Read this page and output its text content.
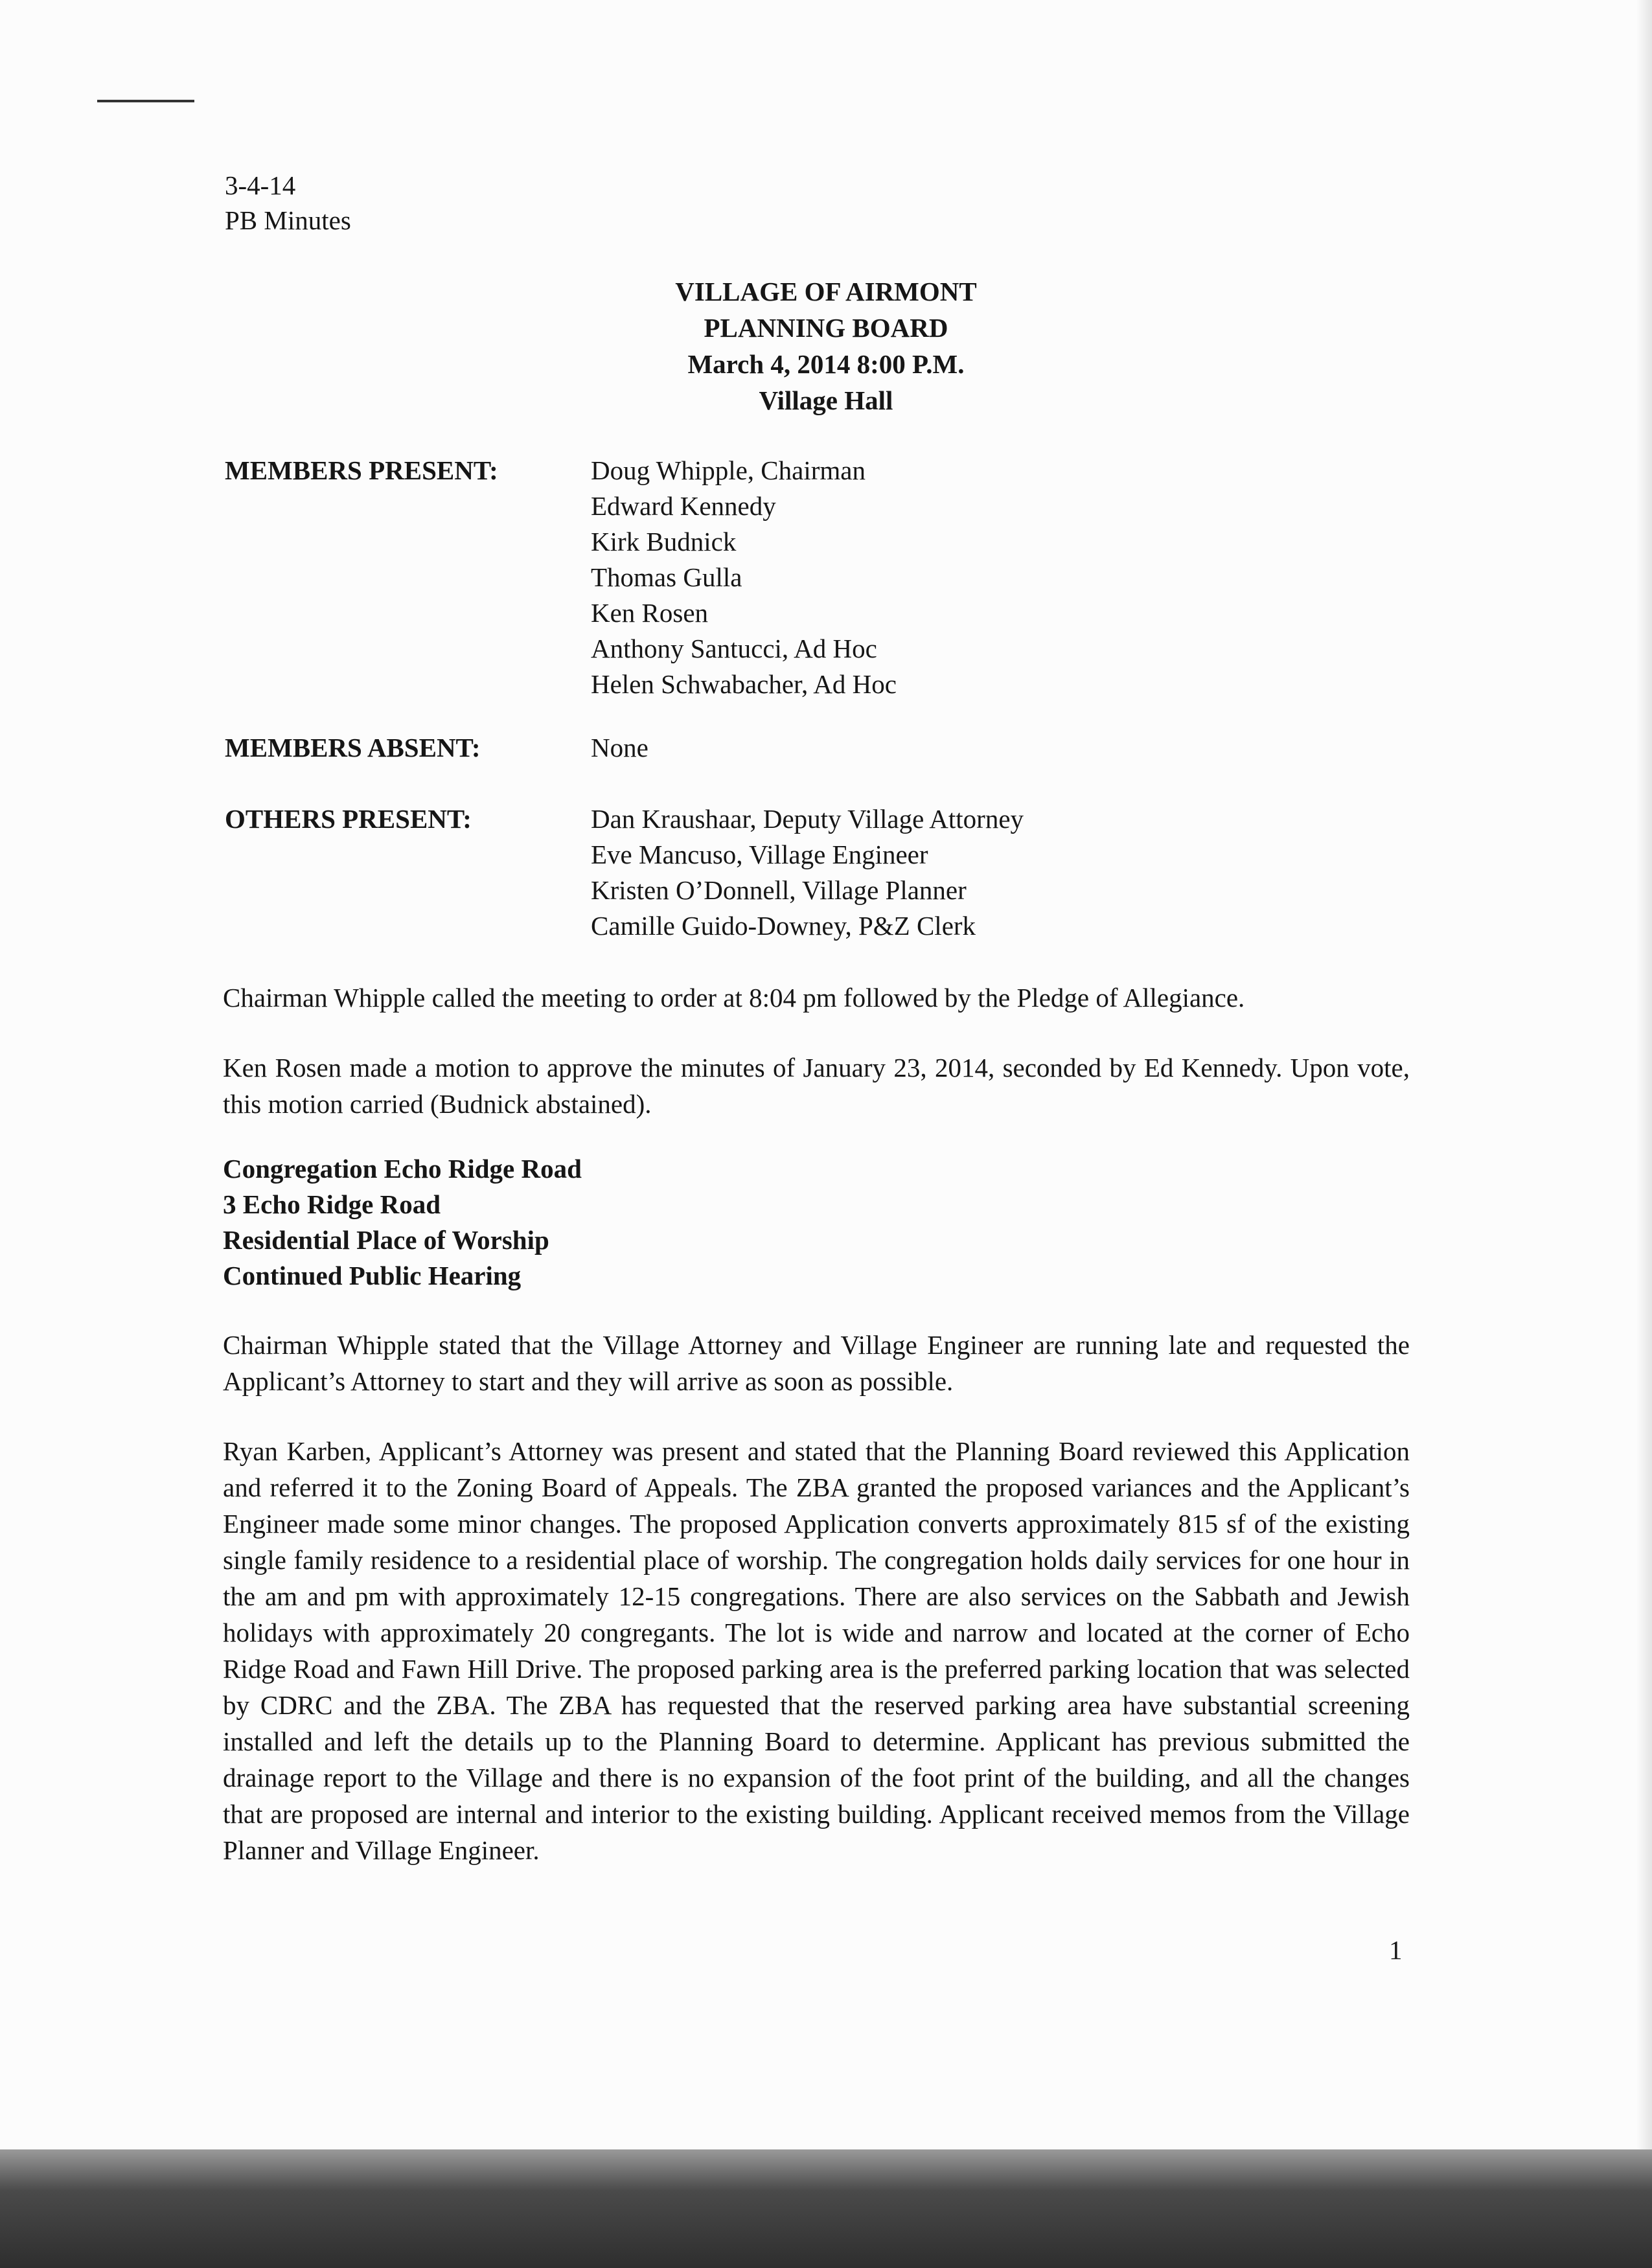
3-4-14
PB Minutes
VILLAGE OF AIRMONT
PLANNING BOARD
March 4, 2014 8:00 P.M.
Village Hall
MEMBERS PRESENT:	Doug Whipple, Chairman
Edward Kennedy
Kirk Budnick
Thomas Gulla
Ken Rosen
Anthony Santucci, Ad Hoc
Helen Schwabacher, Ad Hoc
MEMBERS ABSENT:	None
OTHERS PRESENT:	Dan Kraushaar, Deputy Village Attorney
Eve Mancuso, Village Engineer
Kristen O’Donnell, Village Planner
Camille Guido-Downey, P&Z Clerk
Chairman Whipple called the meeting to order at 8:04 pm followed by the Pledge of Allegiance.
Ken Rosen made a motion to approve the minutes of January 23, 2014, seconded by Ed Kennedy. Upon vote, this motion carried (Budnick abstained).
Congregation Echo Ridge Road
3 Echo Ridge Road
Residential Place of Worship
Continued Public Hearing
Chairman Whipple stated that the Village Attorney and Village Engineer are running late and requested the Applicant’s Attorney to start and they will arrive as soon as possible.
Ryan Karben, Applicant’s Attorney was present and stated that the Planning Board reviewed this Application and referred it to the Zoning Board of Appeals. The ZBA granted the proposed variances and the Applicant’s Engineer made some minor changes. The proposed Application converts approximately 815 sf of the existing single family residence to a residential place of worship. The congregation holds daily services for one hour in the am and pm with approximately 12-15 congregations. There are also services on the Sabbath and Jewish holidays with approximately 20 congregants. The lot is wide and narrow and located at the corner of Echo Ridge Road and Fawn Hill Drive. The proposed parking area is the preferred parking location that was selected by CDRC and the ZBA. The ZBA has requested that the reserved parking area have substantial screening installed and left the details up to the Planning Board to determine. Applicant has previous submitted the drainage report to the Village and there is no expansion of the foot print of the building, and all the changes that are proposed are internal and interior to the existing building. Applicant received memos from the Village Planner and Village Engineer.
1
